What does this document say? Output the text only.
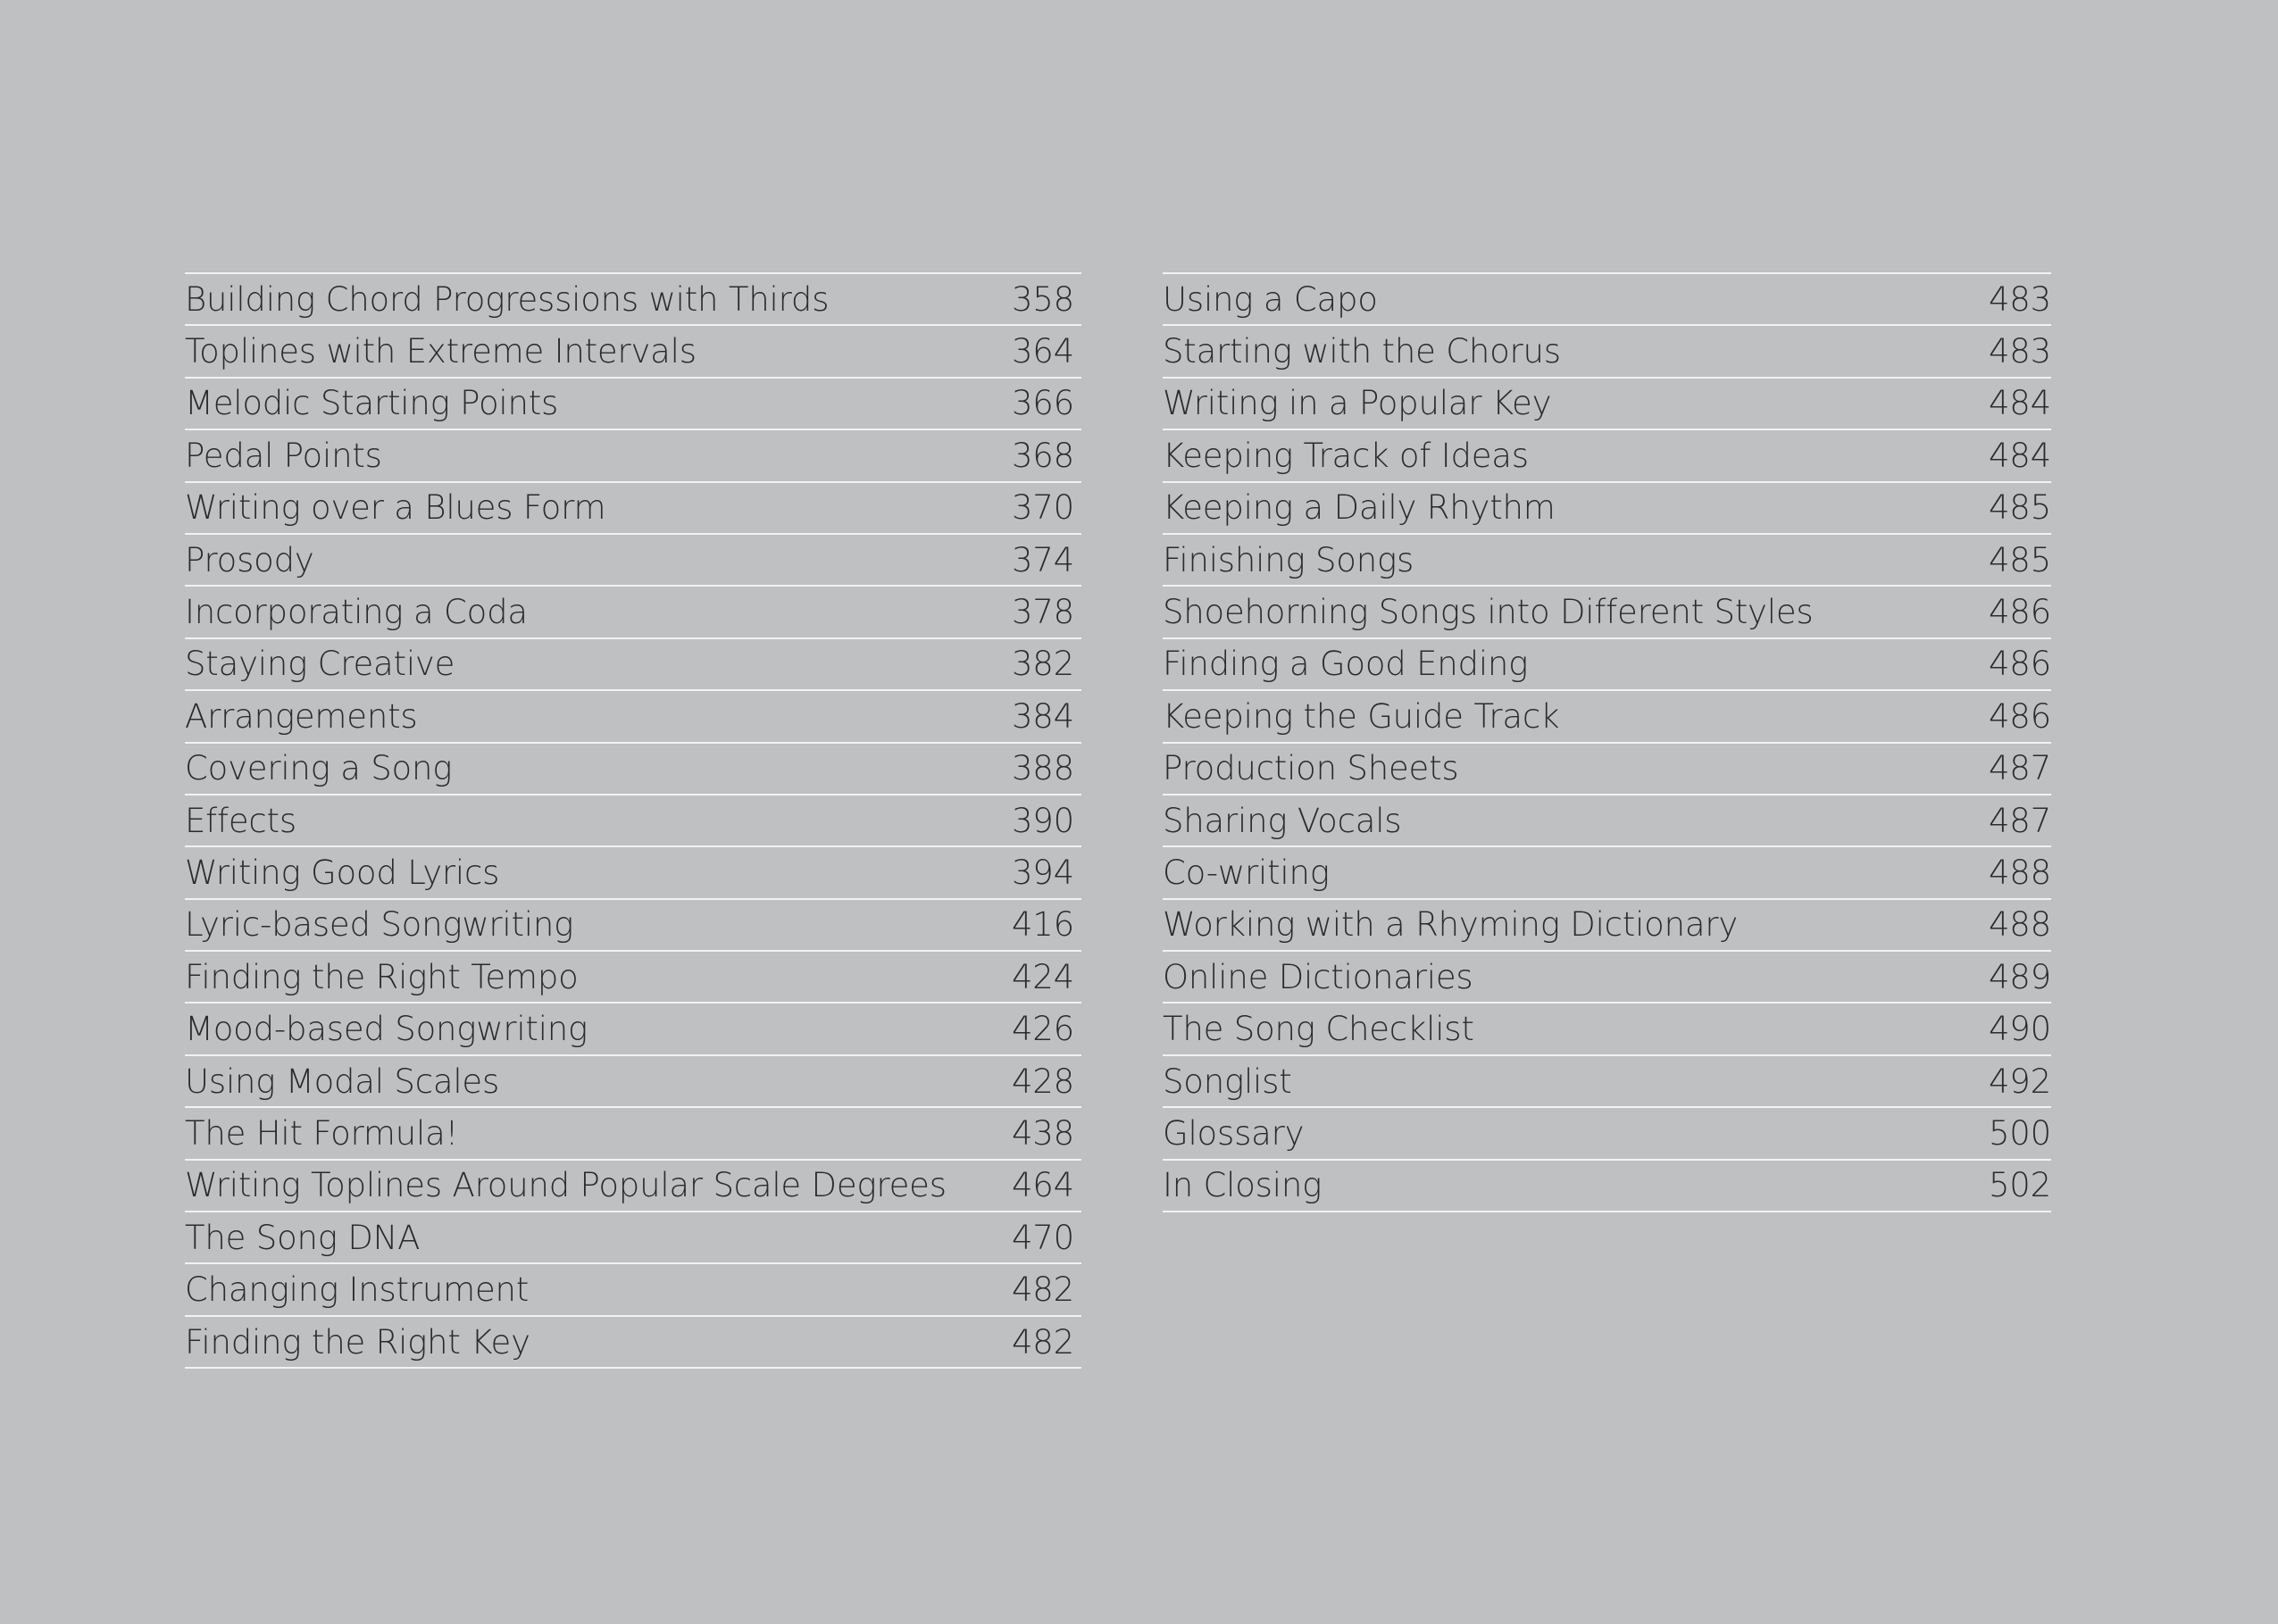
Building Chord Progressions with Thirds	358
Toplines with Extreme Intervals	364
Melodic Starting Points	366
Pedal Points	368
Writing over a Blues Form	370
Prosody	374
Incorporating a Coda	378
Staying Creative	382
Arrangements	384
Covering a Song	388
Effects	390
Writing Good Lyrics	394
Lyric-based Songwriting	416
Finding the Right Tempo	424
Mood-based Songwriting	426
Using Modal Scales	428
The Hit Formula!	438
Writing Toplines Around Popular Scale Degrees 464
The Song DNA	470
Changing Instrument	482
Finding the Right Key	482
Using a Capo	483
Starting with the Chorus	483
Writing in a Popular Key	484
Keeping Track of Ideas	484
Keeping a Daily Rhythm	485
Finishing Songs	485
Shoehorning Songs into Different Styles	486
Finding a Good Ending	486
Keeping the Guide Track	486
Production Sheets	487
Sharing Vocals	487
Co-writing	488
Working with a Rhyming Dictionary	488
Online Dictionaries	489
The Song Checklist	490
Songlist	492
Glossary	500
In Closing	502
